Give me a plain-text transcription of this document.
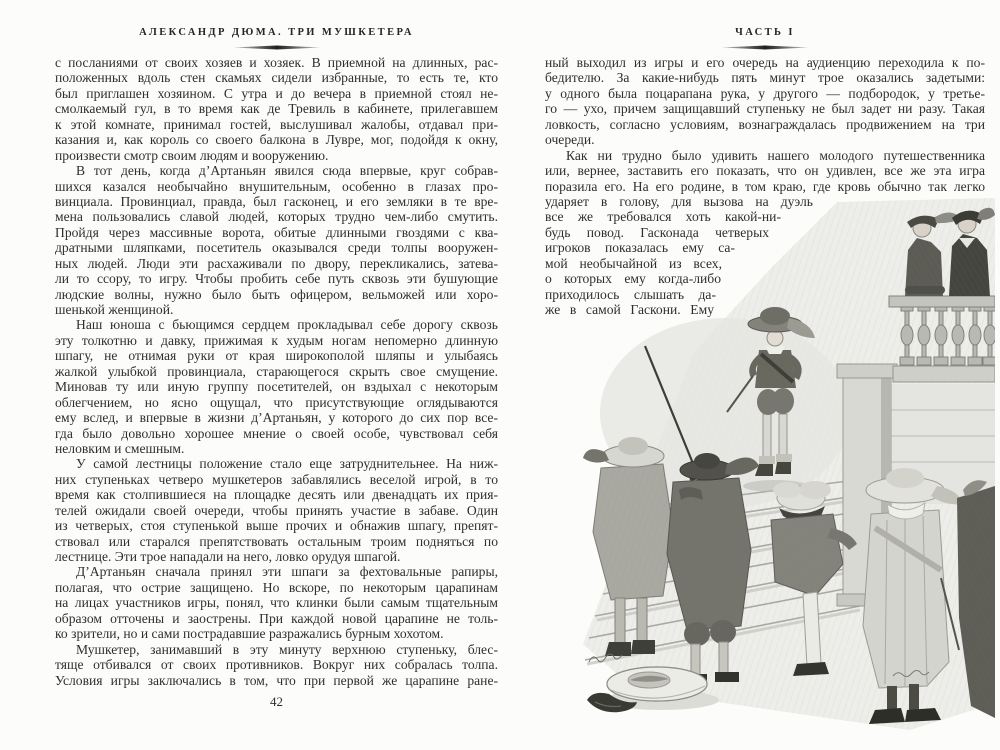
АЛЕКСАНДР ДЮМА. ТРИ МУШКЕТЕРА
с посланиями от своих хозяев и хозяек. В приемной на длинных, рас-
положенных вдоль стен скамьях сидели избранные, то есть те, кто
был приглашен хозяином. С утра и до вечера в приемной стоял не-
смолкаемый гул, в то время как де Тревиль в кабинете, прилегавшем
к этой комнате, принимал гостей, выслушивал жалобы, отдавал при-
казания и, как король со своего балкона в Лувре, мог, подойдя к окну,
произвести смотр своим людям и вооружению.
В тот день, когда д’Артаньян явился сюда впервые, круг собрав-
шихся казался необычайно внушительным, особенно в глазах про-
винциала. Провинциал, правда, был гасконец, и его земляки в те вре-
мена пользовались славой людей, которых трудно чем-либо смутить.
Пройдя через массивные ворота, обитые длинными гвоздями с ква-
дратными шляпками, посетитель оказывался среди толпы вооружен-
ных людей. Люди эти расхаживали по двору, перекликались, затева-
ли то ссору, то игру. Чтобы пробить себе путь сквозь эти бушующие
людские волны, нужно было быть офицером, вельможей или хоро-
шенькой женщиной.
Наш юноша с бьющимся сердцем прокладывал себе дорогу сквозь
эту толкотню и давку, прижимая к худым ногам непомерно длинную
шпагу, не отнимая руки от края широкополой шляпы и улыбаясь
жалкой улыбкой провинциала, старающегося скрыть свое смущение.
Миновав ту или иную группу посетителей, он вздыхал с некоторым
облегчением, но ясно ощущал, что присутствующие оглядываются
ему вслед, и впервые в жизни д’Артаньян, у которого до сих пор все-
гда было довольно хорошее мнение о своей особе, чувствовал себя
неловким и смешным.
У самой лестницы положение стало еще затруднительнее. На ниж-
них ступеньках четверо мушкетеров забавлялись веселой игрой, в то
время как столпившиеся на площадке десять или двенадцать их прия-
телей ожидали своей очереди, чтобы принять участие в забаве. Один
из четверых, стоя ступенькой выше прочих и обнажив шпагу, препят-
ствовал или старался препятствовать остальным троим подняться по
лестнице. Эти трое нападали на него, ловко орудуя шпагой.
Д’Артаньян сначала принял эти шпаги за фехтовальные рапиры,
полагая, что острие защищено. Но вскоре, по некоторым царапинам
на лицах участников игры, понял, что клинки были самым тщательным
образом отточены и заострены. При каждой новой царапине не толь-
ко зрители, но и сами пострадавшие разражались бурным хохотом.
Мушкетер, занимавший в эту минуту верхнюю ступеньку, блес-
тяще отбивался от своих противников. Вокруг них собралась толпа.
Условия игры заключались в том, что при первой же царапине ране-
42
ЧАСТЬ I
ный выходил из игры и его очередь на аудиенцию переходила к по-
бедителю. За какие-нибудь пять минут трое оказались задетыми:
у одного была поцарапана рука, у другого — подбородок, у третье-
го — ухо, причем защищавший ступеньку не был задет ни разу. Такая
ловкость, согласно условиям, вознаграждалась продвижением на три
очереди.
Как ни трудно было удивить нашего молодого путешественника
или, вернее, заставить его показать, что он удивлен, все же эта игра
поразила его. На его родине, в том краю, где кровь обычно так легко
ударяет в голову, для вызова на дуэль
все же требовался хоть какой-ни-
будь повод. Гасконада четверых
игроков показалась ему са-
мой необычайной из всех,
о которых ему когда-либо
приходилось слышать да-
же в самой Гаскони. Ему
